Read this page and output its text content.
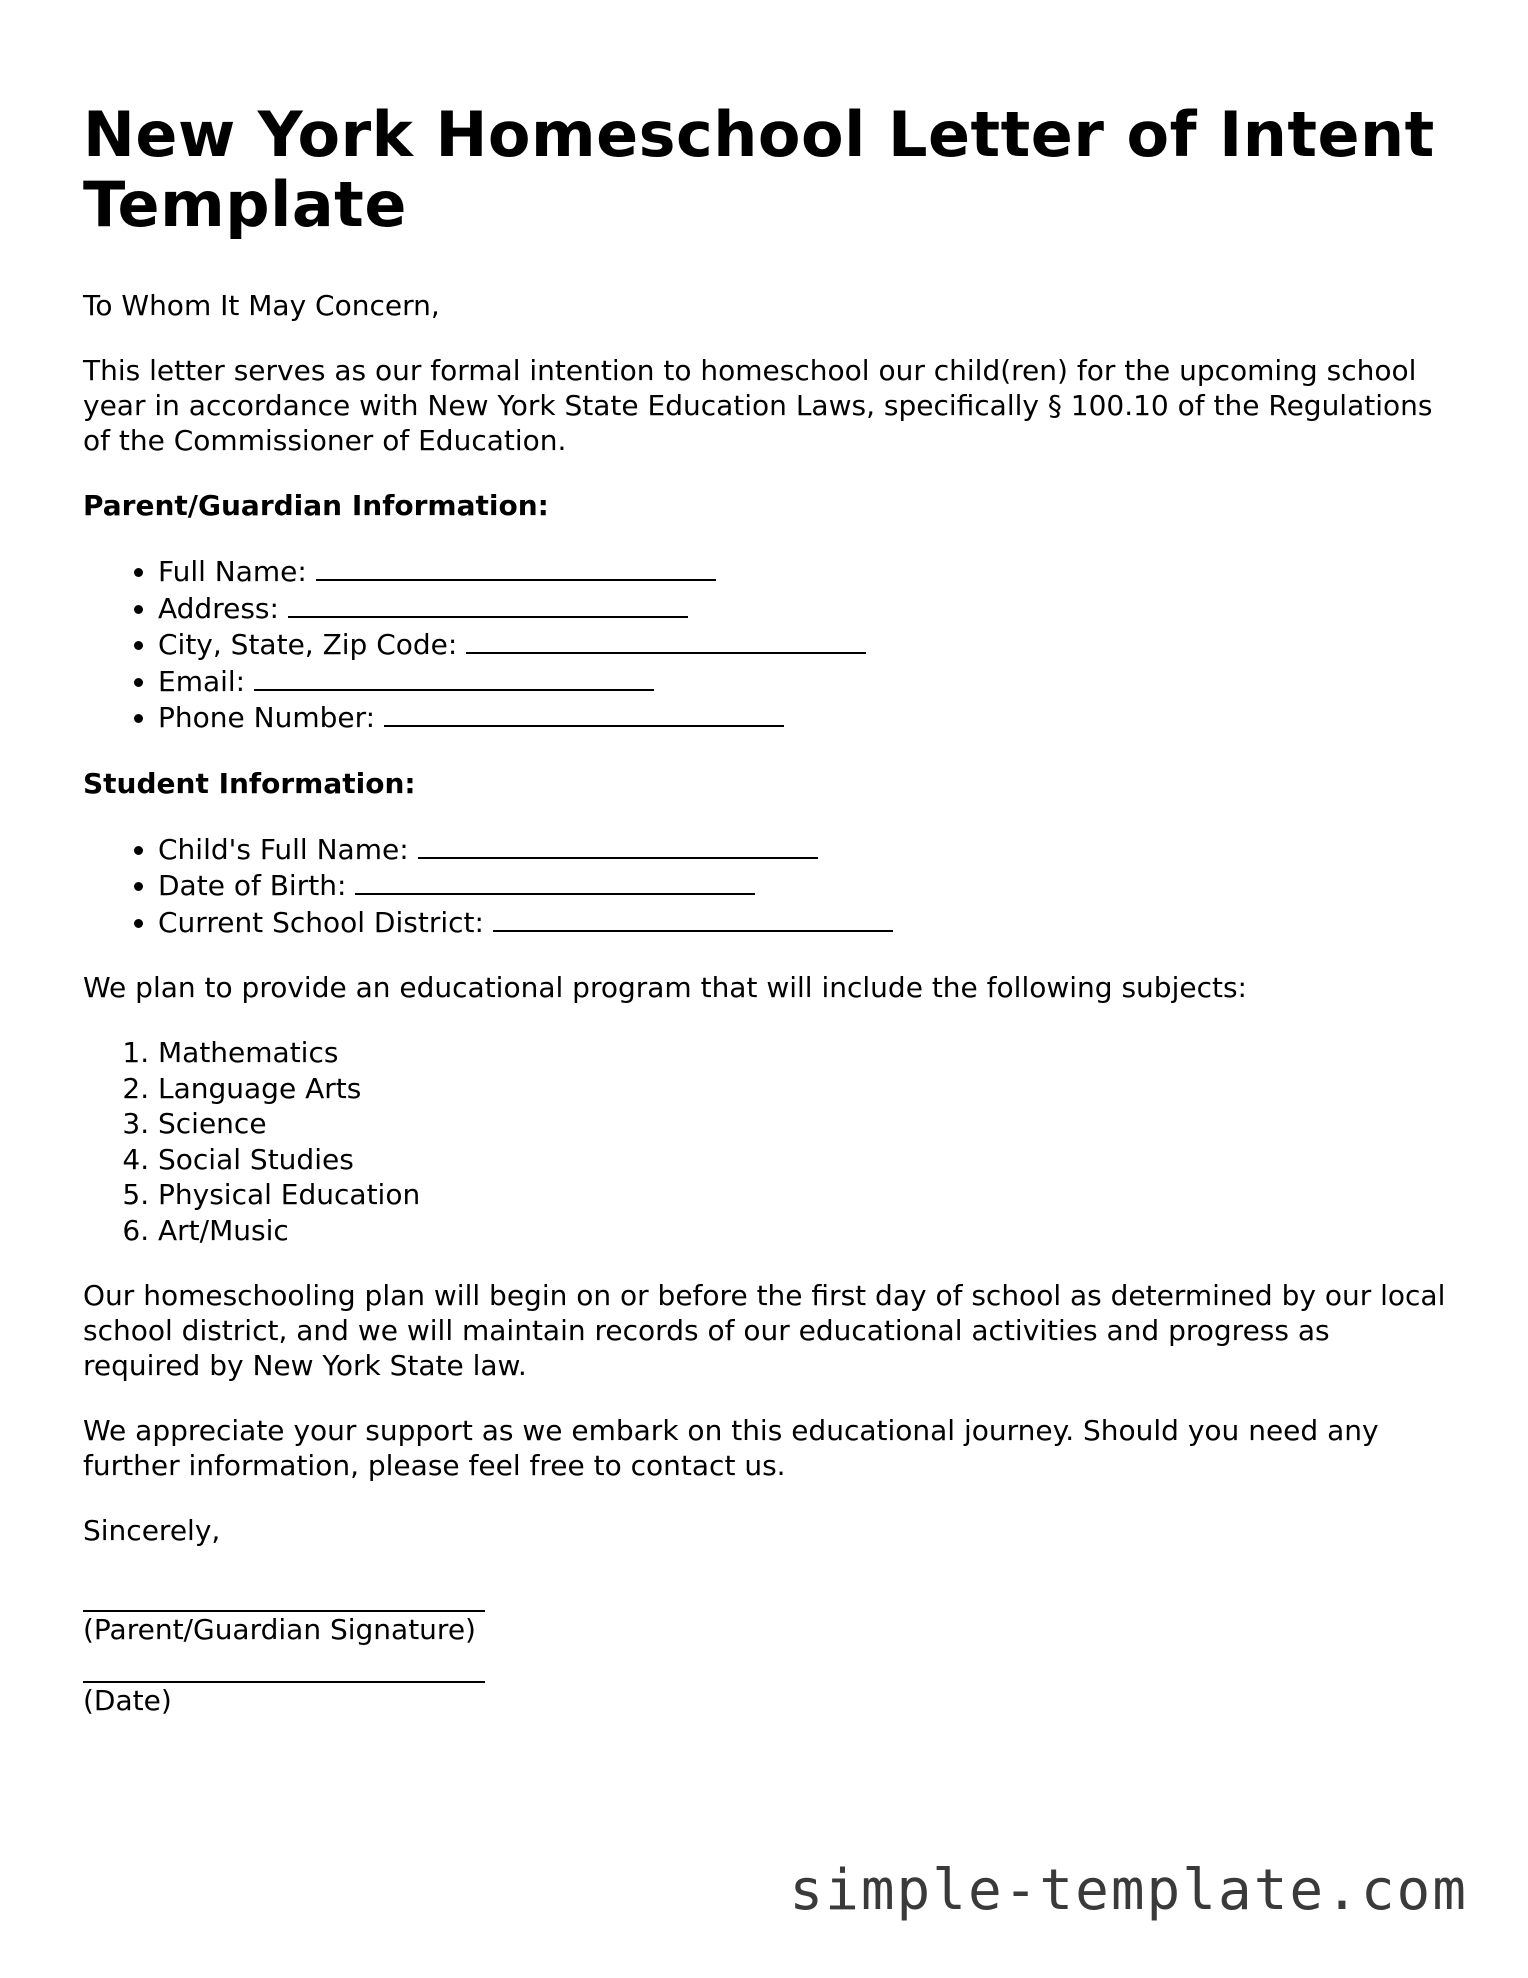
New York Homeschool Letter of Intent Template

To Whom It May Concern,

This letter serves as our formal intention to homeschool our child(ren) for the upcoming school year in accordance with New York State Education Laws, specifically § 100.10 of the Regulations of the Commissioner of Education.

Parent/Guardian Information:

• Full Name:
• Address:
• City, State, Zip Code:
• Email:
• Phone Number:

Student Information:

• Child's Full Name:
• Date of Birth:
• Current School District:

We plan to provide an educational program that will include the following subjects:

1. Mathematics
2. Language Arts
3. Science
4. Social Studies
5. Physical Education
6. Art/Music

Our homeschooling plan will begin on or before the first day of school as determined by our local school district, and we will maintain records of our educational activities and progress as required by New York State law.

We appreciate your support as we embark on this educational journey. Should you need any further information, please feel free to contact us.

Sincerely,

(Parent/Guardian Signature)

(Date)

simple-template.com
